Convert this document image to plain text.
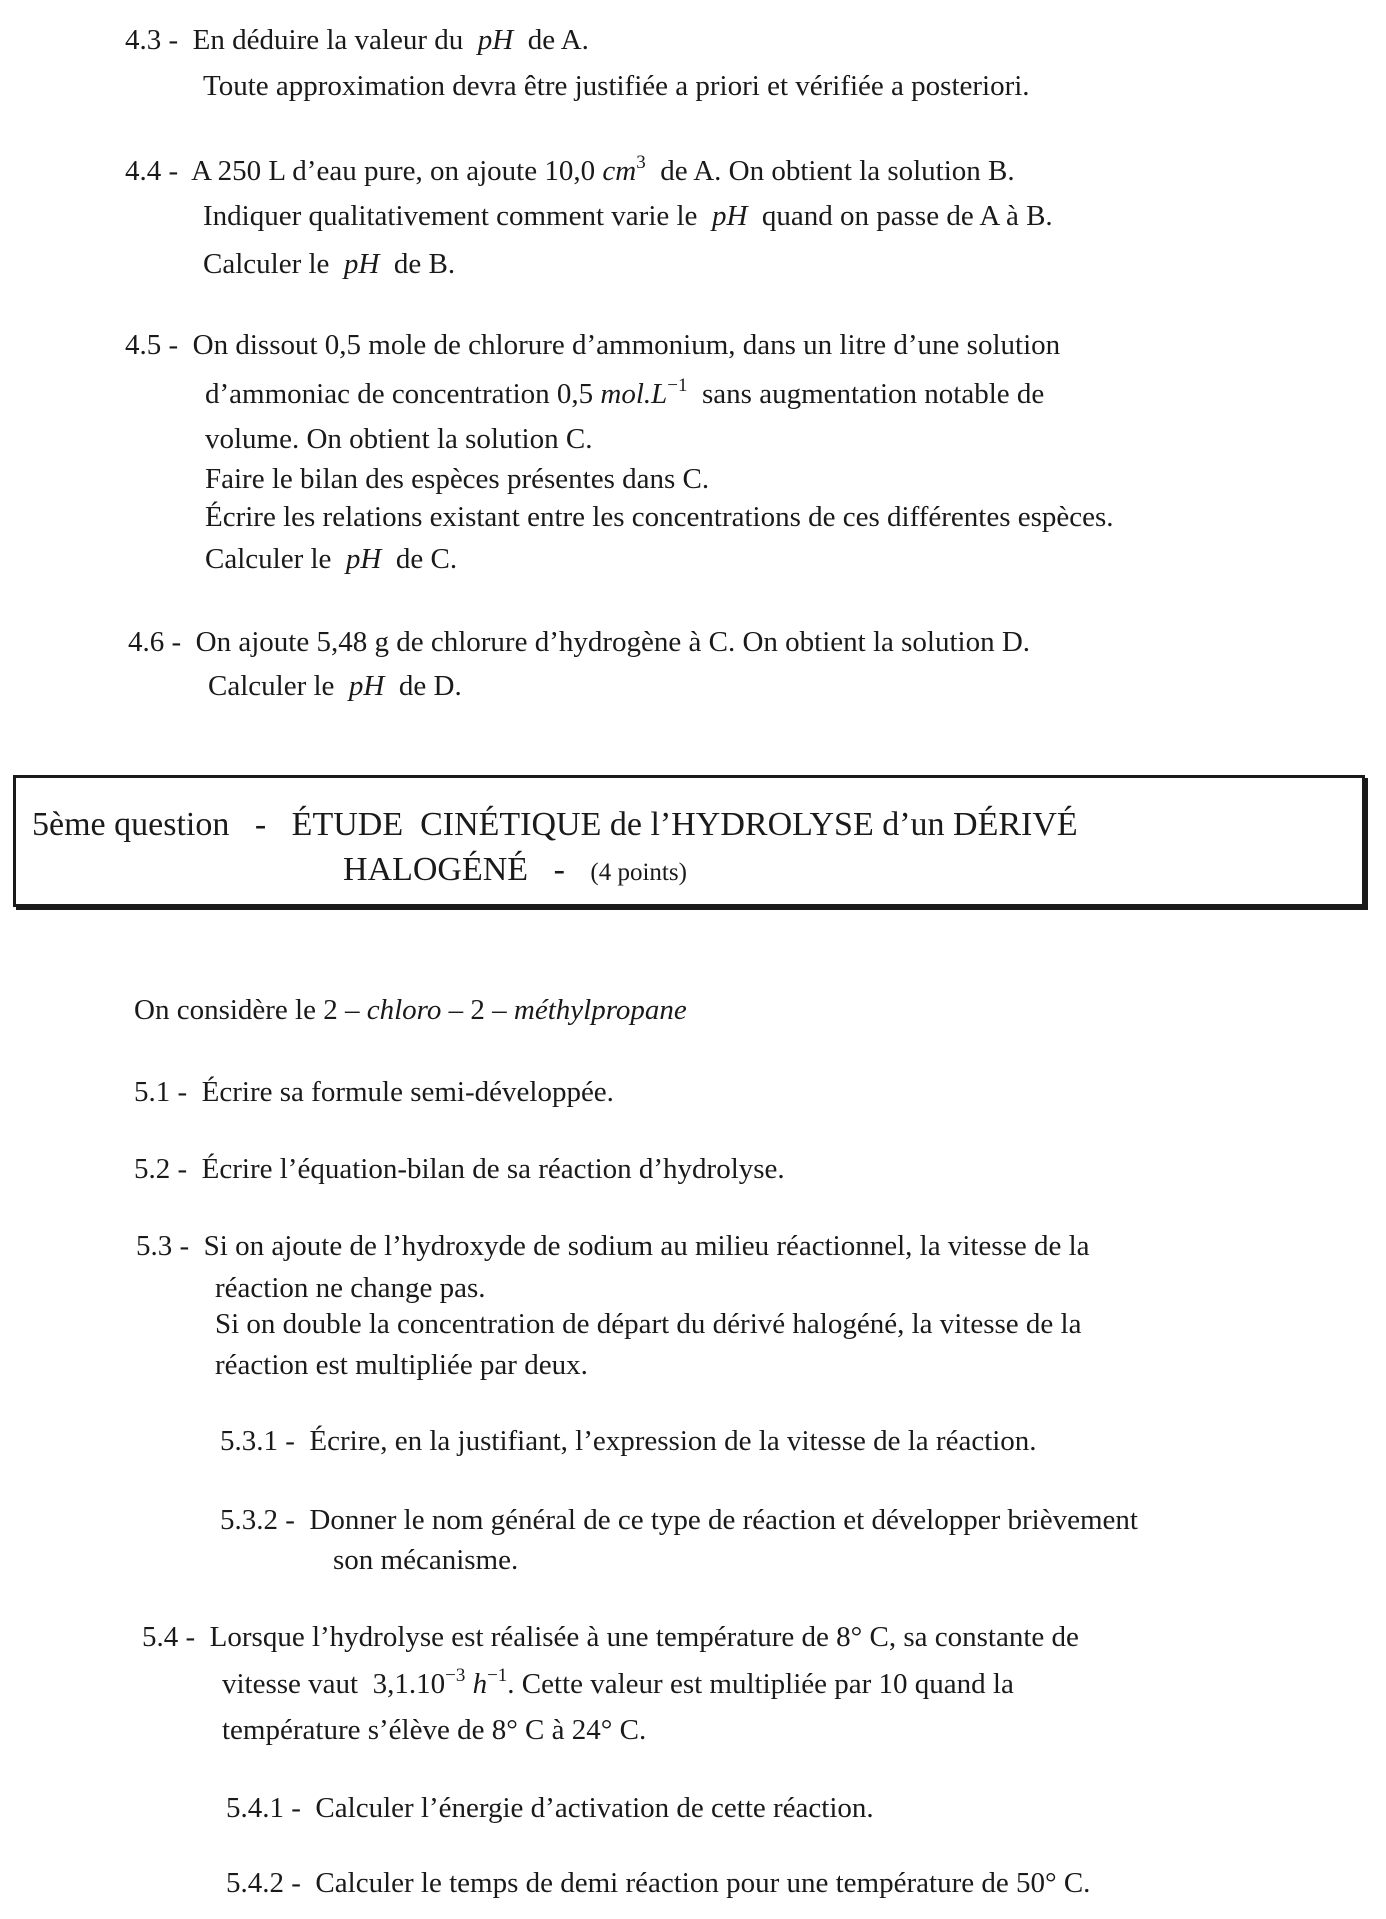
4.3 - En déduire la valeur du pH de A.
Toute approximation devra être justifiée a priori et vérifiée a posteriori.
4.4 - A 250 L d’eau pure, on ajoute 10,0 $cm^3$ de A. On obtient la solution B.
Indiquer qualitativement comment varie le pH quand on passe de A à B.
Calculer le pH de B.
4.5 - On dissout 0,5 mole de chlorure d’ammonium, dans un litre d’une solution
d’ammoniac de concentration 0,5 $mol.L^{-1}$ sans augmentation notable de
volume. On obtient la solution C.
Faire le bilan des espèces présentes dans C.
Écrire les relations existant entre les concentrations de ces différentes espèces.
Calculer le pH de C.
4.6 - On ajoute 5,48 g de chlorure d’hydrogène à C. On obtient la solution D.
Calculer le pH de D.
5ème question - ÉTUDE  CINÉTIQUE de l’HYDROLYSE d’un DÉRIVÉ
HALOGÉNÉ - (4 points)
On considère le 2 – chloro – 2 – méthylpropane
5.1 - Écrire sa formule semi-développée.
5.2 - Écrire l’équation-bilan de sa réaction d’hydrolyse.
5.3 - Si on ajoute de l’hydroxyde de sodium au milieu réactionnel, la vitesse de la
réaction ne change pas.
Si on double la concentration de départ du dérivé halogéné, la vitesse de la
réaction est multipliée par deux.
5.3.1 - Écrire, en la justifiant, l’expression de la vitesse de la réaction.
5.3.2 - Donner le nom général de ce type de réaction et développer brièvement
son mécanisme.
5.4 - Lorsque l’hydrolyse est réalisée à une température de 8° C, sa constante de
vitesse vaut  $3,1.10^{-3}$ $h^{-1}$. Cette valeur est multipliée par 10 quand la
température s’élève de 8° C à 24° C.
5.4.1 - Calculer l’énergie d’activation de cette réaction.
5.4.2 - Calculer le temps de demi réaction pour une température de 50° C.
